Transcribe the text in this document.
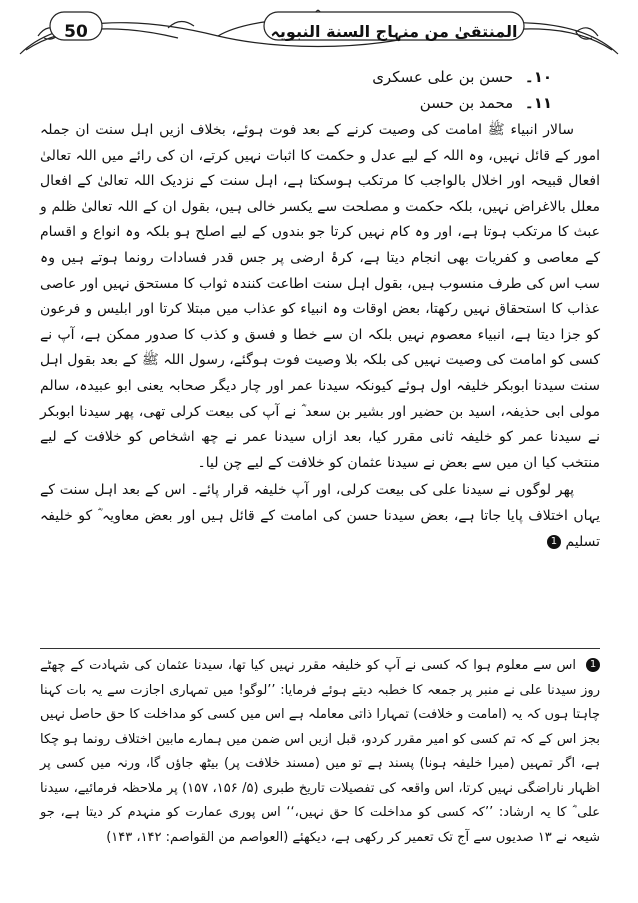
50	المنتقیٰ من منہاج السنة النبویہ
۱۰۔ حسن بن علی عسکری
۱۱۔ محمد بن حسن

سالار انبیاء ﷺ امامت کی وصیت کرنے کے بعد فوت ہوئے، بخلاف ازیں اہل سنت ان جملہ امور کے قائل نہیں، وہ اللہ کے لیے عدل و حکمت کا اثبات نہیں کرتے، ان کی رائے میں اللہ تعالیٰ افعال قبیحہ اور اخلال بالواجب کا مرتکب ہوسکتا ہے، اہل سنت کے نزدیک اللہ تعالیٰ کے افعال معلل بالاغراض نہیں، بلکہ حکمت و مصلحت سے یکسر خالی ہیں، بقول ان کے اللہ تعالیٰ ظلم و عبث کا مرتکب ہوتا ہے، اور وہ کام نہیں کرتا جو بندوں کے لیے اصلح ہو بلکہ وہ انواع و اقسام کے معاصی و کفریات بھی انجام دیتا ہے، کرۂ ارضی پر جس قدر فسادات رونما ہوتے ہیں وہ سب اس کی طرف منسوب ہیں، بقول اہل سنت اطاعت کنندہ ثواب کا مستحق نہیں اور عاصی عذاب کا استحقاق نہیں رکھتا، بعض اوقات وہ انبیاء کو عذاب میں مبتلا کرتا اور ابلیس و فرعون کو جزا دیتا ہے، انبیاء معصوم نہیں بلکہ ان سے خطا و فسق و کذب کا صدور ممکن ہے، آپ نے کسی کو امامت کی وصیت نہیں کی بلکہ بلا وصیت فوت ہوگئے، رسول اللہ ﷺ کے بعد بقول اہل سنت سیدنا ابوبکر خلیفہ اول ہوئے کیونکہ سیدنا عمر اور چار دیگر صحابہ یعنی ابو عبیدہ، سالم مولی ابی حذیفہ، اسید بن حضیر اور بشیر بن سعد ؓ نے آپ کی بیعت کرلی تھی، پھر سیدنا ابوبکر نے سیدنا عمر کو خلیفہ ثانی مقرر کیا، بعد ازاں سیدنا عمر نے چھ اشخاص کو خلافت کے لیے منتخب کیا ان میں سے بعض نے سیدنا عثمان کو خلافت کے لیے چن لیا۔

پھر لوگوں نے سیدنا علی کی بیعت کرلی، اور آپ خلیفہ قرار پائے۔ اس کے بعد اہل سنت کے یہاں اختلاف پایا جاتا ہے، بعض سیدنا حسن کی امامت کے قائل ہیں اور بعض معاویہ ؓ کو خلیفہ تسلیم 1

1اس سے معلوم ہوا کہ کسی نے آپ کو خلیفہ مقرر نہیں کیا تھا، سیدنا عثمان کی شہادت کے چھٹے روز سیدنا علی نے منبر پر جمعہ کا خطبہ دیتے ہوئے فرمایا: ’’لوگو! میں تمہاری اجازت سے یہ بات کہنا چاہتا ہوں کہ یہ (امامت و خلافت) تمہارا ذاتی معاملہ ہے اس میں کسی کو مداخلت کا حق حاصل نہیں بجز اس کے کہ تم کسی کو امیر مقرر کردو، قبل ازیں اس ضمن میں ہمارے مابین اختلاف رونما ہو چکا ہے، اگر تمہیں (میرا خلیفہ ہونا) پسند ہے تو میں (مسند خلافت پر) بیٹھ جاؤں گا، ورنہ میں کسی پر اظہار ناراضگی نہیں کرتا، اس واقعہ کی تفصیلات تاریخ طبری (۵/ ۱۵۶، ۱۵۷) پر ملاحظہ فرمائیے، سیدنا علی ؓ کا یہ ارشاد: ’’کہ کسی کو مداخلت کا حق نہیں،‘‘ اس پوری عمارت کو منہدم کر دیتا ہے، جو شیعہ نے ۱۳ صدیوں سے آج تک تعمیر کر رکھی ہے، دیکھئے (العواصم من القواصم: ۱۴۲، ۱۴۳)
